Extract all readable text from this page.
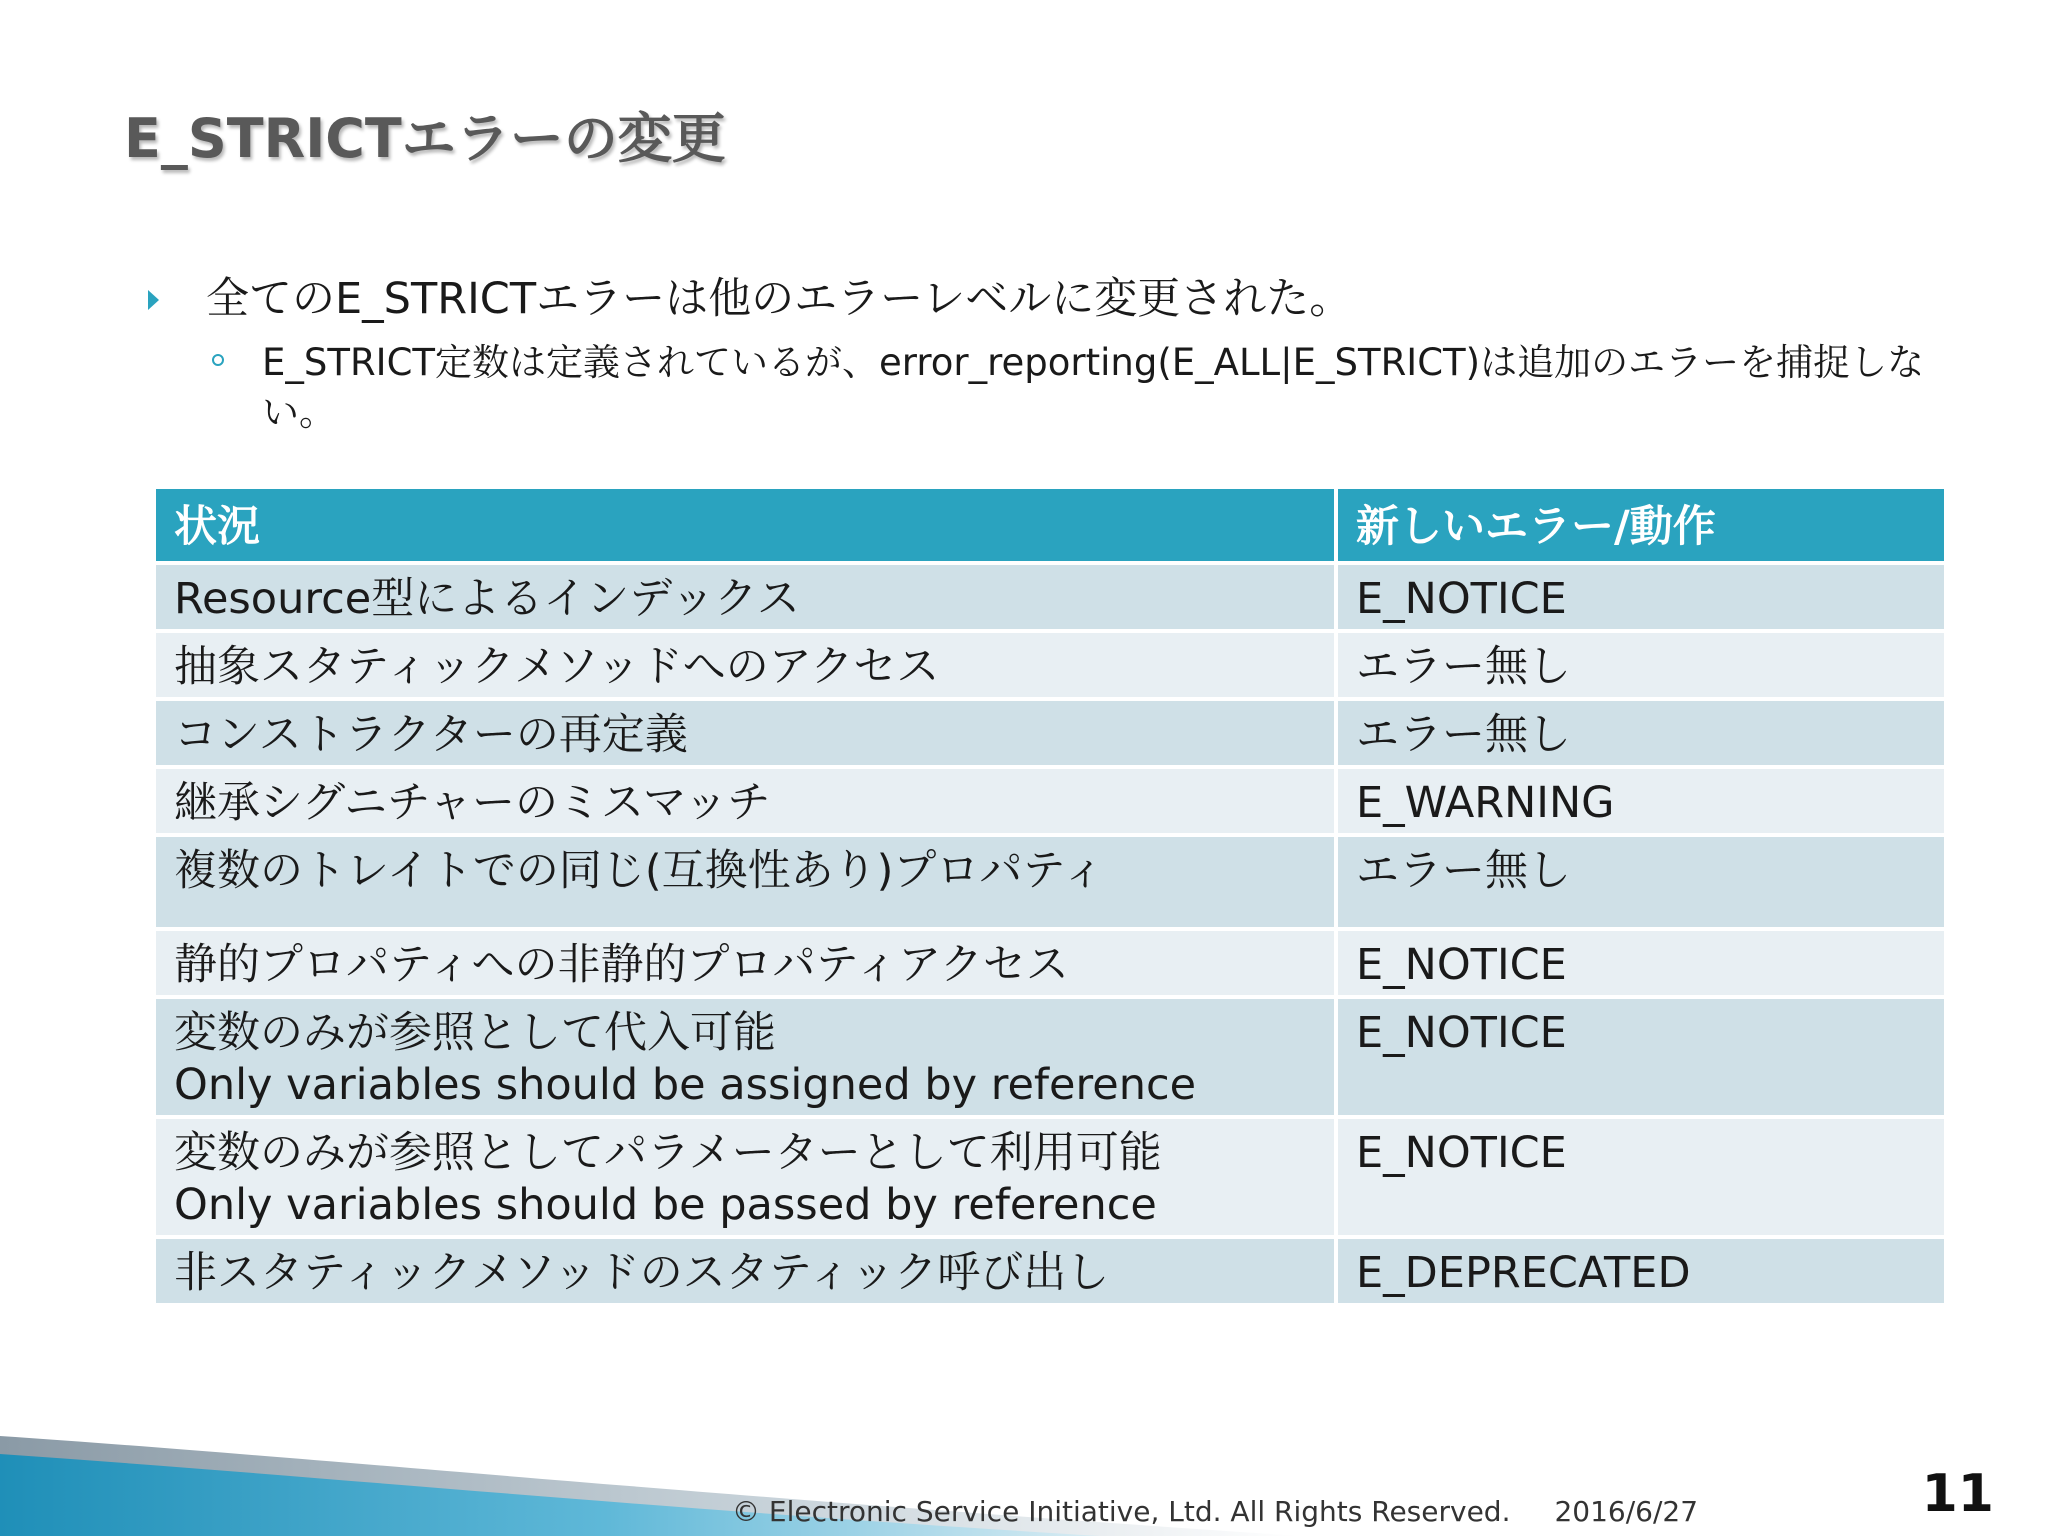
E_STRICTエラーの変更
全てのE_STRICTエラーは他のエラーレベルに変更された。
E_STRICT定数は定義されているが、error_reporting(E_ALL|E_STRICT)は追加のエラーを捕捉しない。
状況	新しいエラー/動作

Resource型によるインデックス	E_NOTICE

抽象スタティックメソッドへのアクセス	エラー無し

コンストラクターの再定義	エラー無し

継承シグニチャーのミスマッチ	E_WARNING

複数のトレイトでの同じ(互換性あり)プロパティ	エラー無し

静的プロパティへの非静的プロパティアクセス	E_NOTICE

変数のみが参照として代入可能
Only variables should be assigned by reference	E_NOTICE

変数のみが参照としてパラメーターとして利用可能
Only variables should be passed by reference	E_NOTICE

非スタティックメソッドのスタティック呼び出し	E_DEPRECATED
© Electronic Service Initiative, Ltd. All Rights Reserved. 2016/6/27	11
